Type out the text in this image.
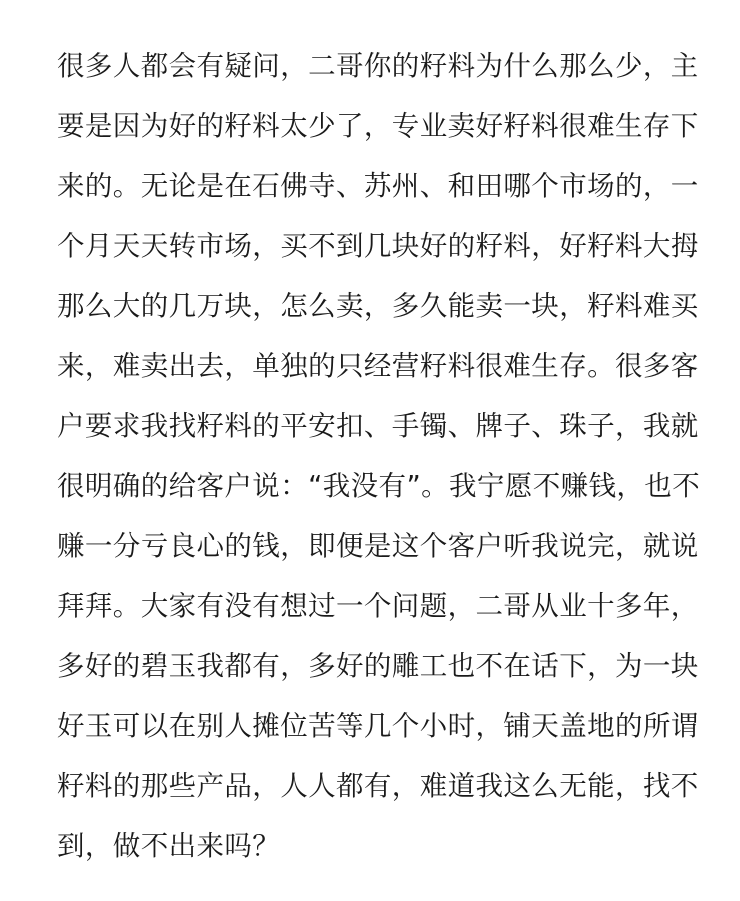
很多人都会有疑问，二哥你的籽料为什么那么少，主
要是因为好的籽料太少了，专业卖好籽料很难生存下
来的。无论是在石佛寺、苏州、和田哪个市场的，一
个月天天转市场，买不到几块好的籽料，好籽料大拇
那么大的几万块，怎么卖，多久能卖一块，籽料难买
来，难卖出去，单独的只经营籽料很难生存。很多客
户要求我找籽料的平安扣、手镯、牌子、珠子，我就
很明确的给客户说：“我没有”。我宁愿不赚钱，也不
赚一分亏良心的钱，即便是这个客户听我说完，就说
拜拜。大家有没有想过一个问题，二哥从业十多年，
多好的碧玉我都有，多好的雕工也不在话下，为一块
好玉可以在别人摊位苦等几个小时，铺天盖地的所谓
籽料的那些产品，人人都有，难道我这么无能，找不
到，做不出来吗？
